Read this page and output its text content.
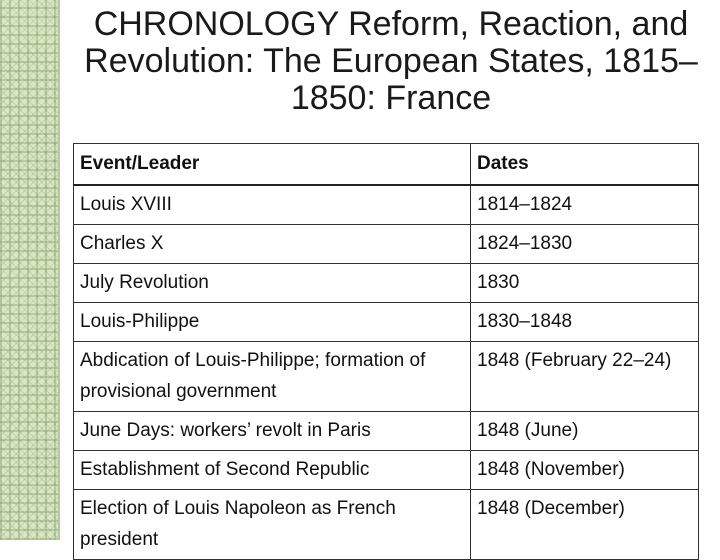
CHRONOLOGY Reform, Reaction, and Revolution: The European States, 1815–1850: France
Event/Leader	Dates
Louis XVIII	1814–1824
Charles X	1824–1830
July Revolution	1830
Louis-Philippe	1830–1848
Abdication of Louis-Philippe; formation of provisional government	1848 (February 22–24)
June Days: workers’ revolt in Paris	1848 (June)
Establishment of Second Republic	1848 (November)
Election of Louis Napoleon as French president	1848 (December)
